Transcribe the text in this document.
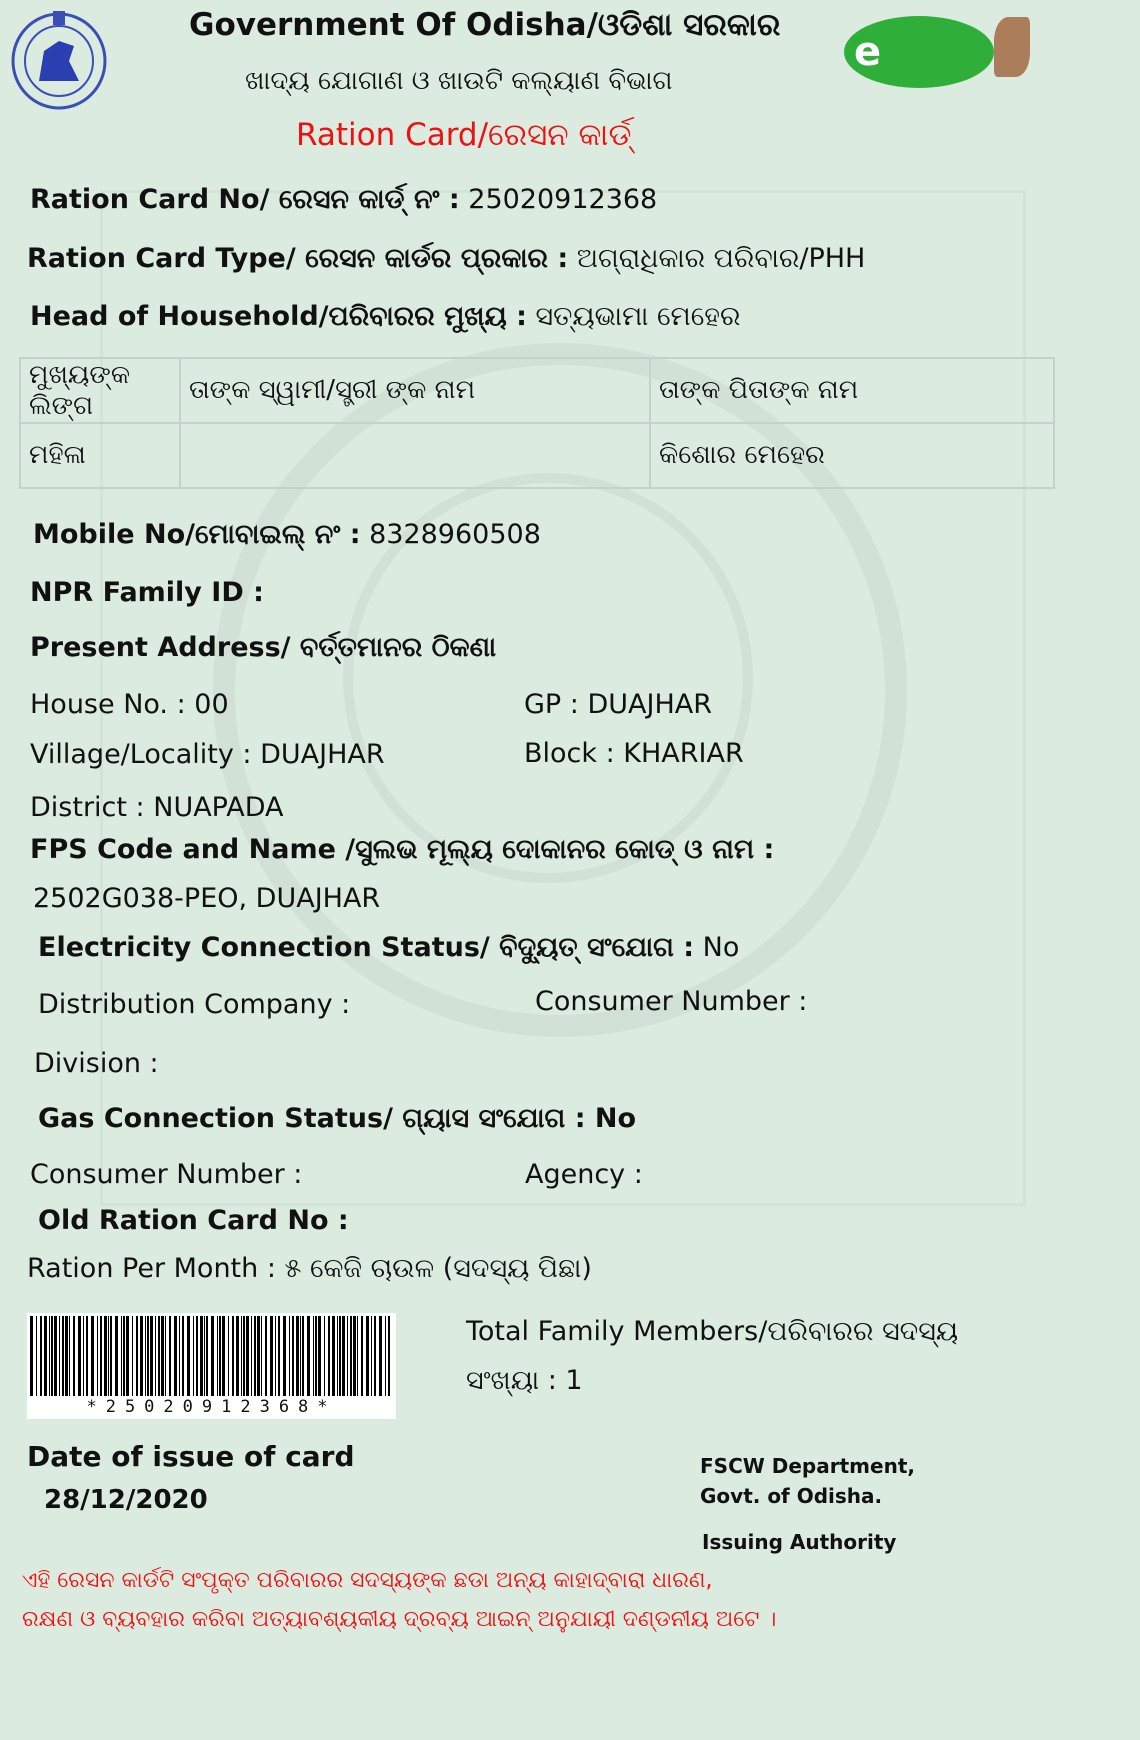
Government Of Odisha/ଓଡିଶା ସରକାର
ଖାଦ୍ୟ ଯୋଗାଣ ଓ ଖାଉଟି କଲ୍ୟାଣ ବିଭାଗ
Ration Card/ରେସନ କାର୍ଡ୍
e
Ration Card No/ ରେସନ କାର୍ଡ୍ ନଂ : 25020912368
Ration Card Type/ ରେସନ କାର୍ଡର ପ୍ରକାର : ଅଗ୍ରାଧିକାର ପରିବାର/PHH
Head of Household/ପରିବାରର ମୁଖ୍ୟ : ସତ୍ୟଭାମା ମେହେର
ମୁଖ୍ୟଙ୍କ ଲିଙ୍ଗ	ତାଙ୍କ ସ୍ୱାମୀ/ସ୍ତ୍ରୀ ଙ୍କ ନାମ	ତାଙ୍କ ପିତାଙ୍କ ନାମ
ମହିଳା		କିଶୋର ମେହେର
Mobile No/ମୋବାଇଲ୍ ନଂ : 8328960508
NPR Family ID :
Present Address/ ବର୍ତ୍ତମାନର ଠିକଣା
House No. : 00	GP : DUAJHAR
Village/Locality : DUAJHAR	Block : KHARIAR
District : NUAPADA
FPS Code and Name /ସୁଲଭ ମୂଲ୍ୟ ଦୋକାନର କୋଡ୍ ଓ ନାମ :
2502G038-PEO, DUAJHAR
Electricity Connection Status/ ବିଦ୍ୟୁତ୍ ସଂଯୋଗ : No
Distribution Company :	Consumer Number :
Division :
Gas Connection Status/ ଗ୍ୟାସ ସଂଯୋଗ : No
Consumer Number :	Agency :
Old Ration Card No :
Ration Per Month : ୫ କେଜି ଚାଉଳ (ସଦସ୍ୟ ପିଛା)
*25020912368*
Total Family Members/ପରିବାରର ସଦସ୍ୟ
ସଂଖ୍ୟା : 1
Date of issue of card
28/12/2020
FSCW Department,
Govt. of Odisha.
Issuing Authority
ଏହି ରେସନ କାର୍ଡଟି ସଂପୃକ୍ତ ପରିବାରର ସଦସ୍ୟଙ୍କ ଛଡା ଅନ୍ୟ କାହାଦ୍ବାରା ଧାରଣ,
ରକ୍ଷଣ ଓ ବ୍ୟବହାର କରିବା ଅତ୍ୟାବଶ୍ୟକୀୟ ଦ୍ରବ୍ୟ ଆଇନ୍ ଅନୁଯାୟୀ ଦଣ୍ଡନୀୟ ଅଟେ ।
